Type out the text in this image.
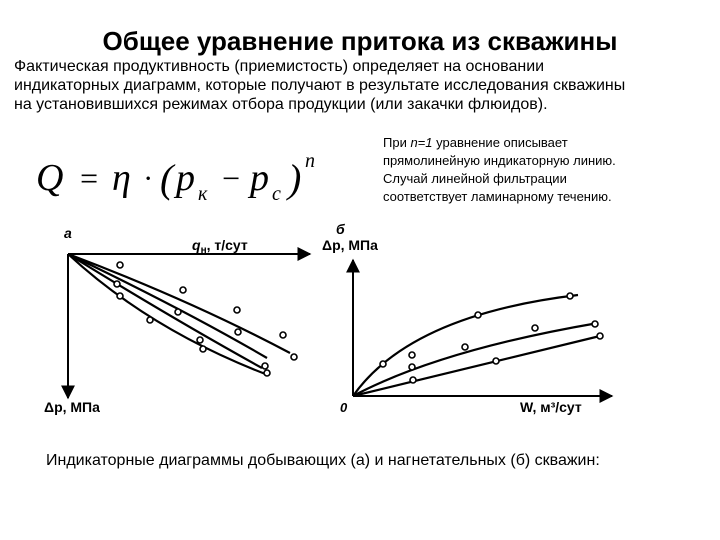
Общее уравнение притока из скважины
Фактическая продуктивность (приемистость) определяет на основании
индикаторных диаграмм, которые получают в результате исследования скважины
на установившихся режимах отбора продукции (или закачки флюидов).
Q = η · ( p к − p с ) n
При n=1 уравнение описывает
прямолинейную индикаторную линию.
Случай линейной фильтрации
соответствует ламинарному течению.
а
$q_н$, т/сут
Δp, МПа
б
Δp, МПа
0	W, м³/сут
Индикаторные диаграммы добывающих (а) и нагнетательных (б) скважин:
